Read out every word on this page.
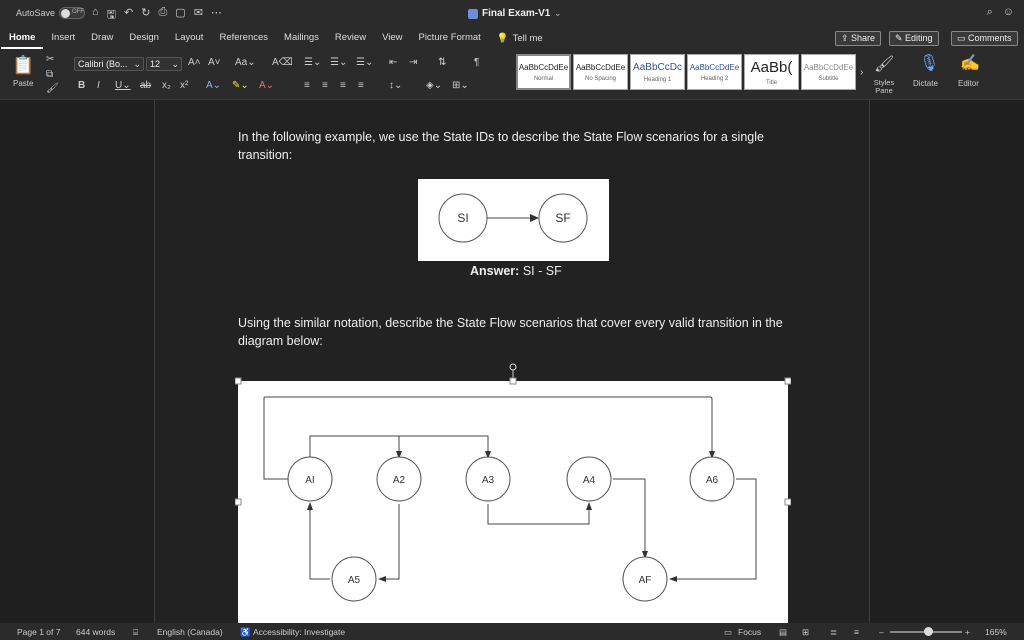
AutoSave	OFF ⌂ 🖫 ↶ ↻ ⎙ ▢ ✉ ⋯	Final Exam-V1 ⌄	⌕ ☺
Home	Insert	Draw	Design	Layout	References	Mailings	Review	View	Picture Format	💡 Tell me	⇪ Share	✎ Editing	▭ Comments
📋
Paste
✂
⧉
🖌
Calibri (Bo... ⌄	12 ⌄ A˄ A˅ Aa⌄ A⌫
B I U⌄ ab x₂ x² A⌄ ✎⌄ A⌄
☰⌄ ☰⌄ ☰⌄ ⇤ ⇥ ⇅	¶
≡ ≡ ≡ ≡	↕⌄ ◈⌄ ⊞⌄
AaBbCcDdEe
Normal
AaBbCcDdEe
No Spacing
AaBbCcDc
Heading 1
AaBbCcDdEe
Heading 2
AaBb(
Title
AaBbCcDdEe
Subtitle
› 🖌
Styles Pane
🎙
Dictate
✍
Editor
In the following example, we use the State IDs to describe the State Flow scenarios for a single transition:
SI	SF
Answer: SI - SF
Using the similar notation, describe the State Flow scenarios that cover every valid transition in the diagram below:
AI	A2	A3	A4	A6
A5	AF
Page 1 of 7 644 words ⌸ English (Canada) ♿ Accessibility: Investigate	▭ Focus ▤ ⊞ ≣ ≡ –	+ 165%
